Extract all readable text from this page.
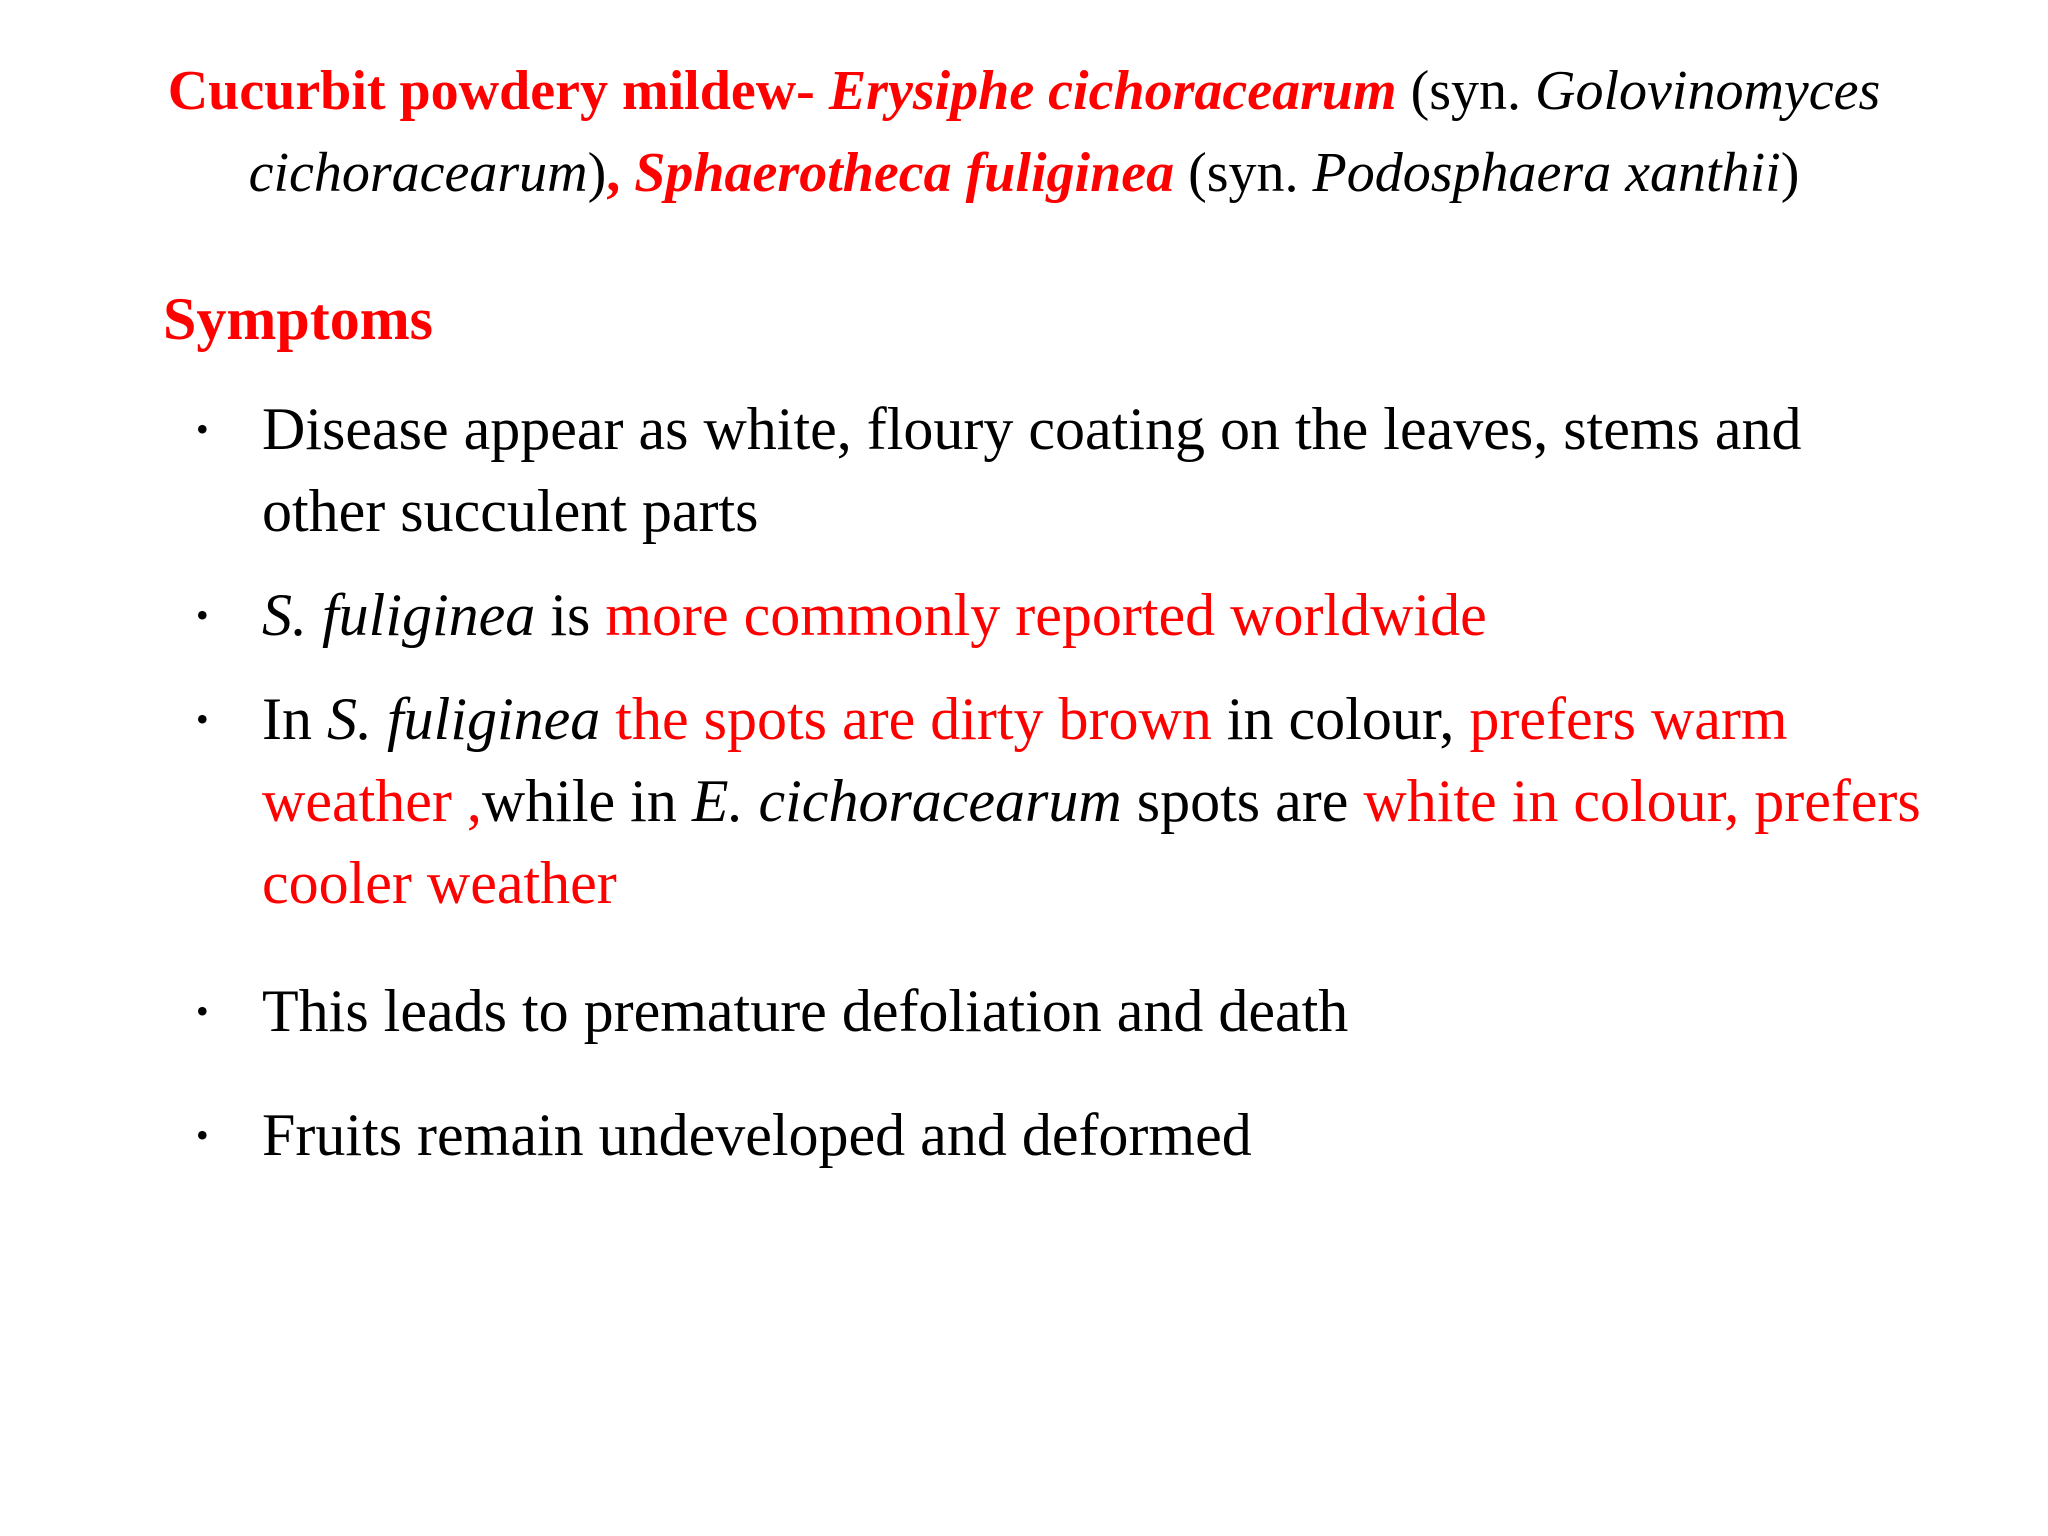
Cucurbit powdery mildew- Erysiphe cichoracearum (syn. Golovinomyces cichoracearum), Sphaerotheca fuliginea (syn. Podosphaera xanthii)
Symptoms
• Disease appear as white, floury coating on the leaves, stems and other succulent parts
• S. fuliginea is more commonly reported worldwide
• In S. fuliginea the spots are dirty brown in colour, prefers warm weather ,while in E. cichoracearum spots are white in colour, prefers cooler weather
• This leads to premature defoliation and death
• Fruits remain undeveloped and deformed
